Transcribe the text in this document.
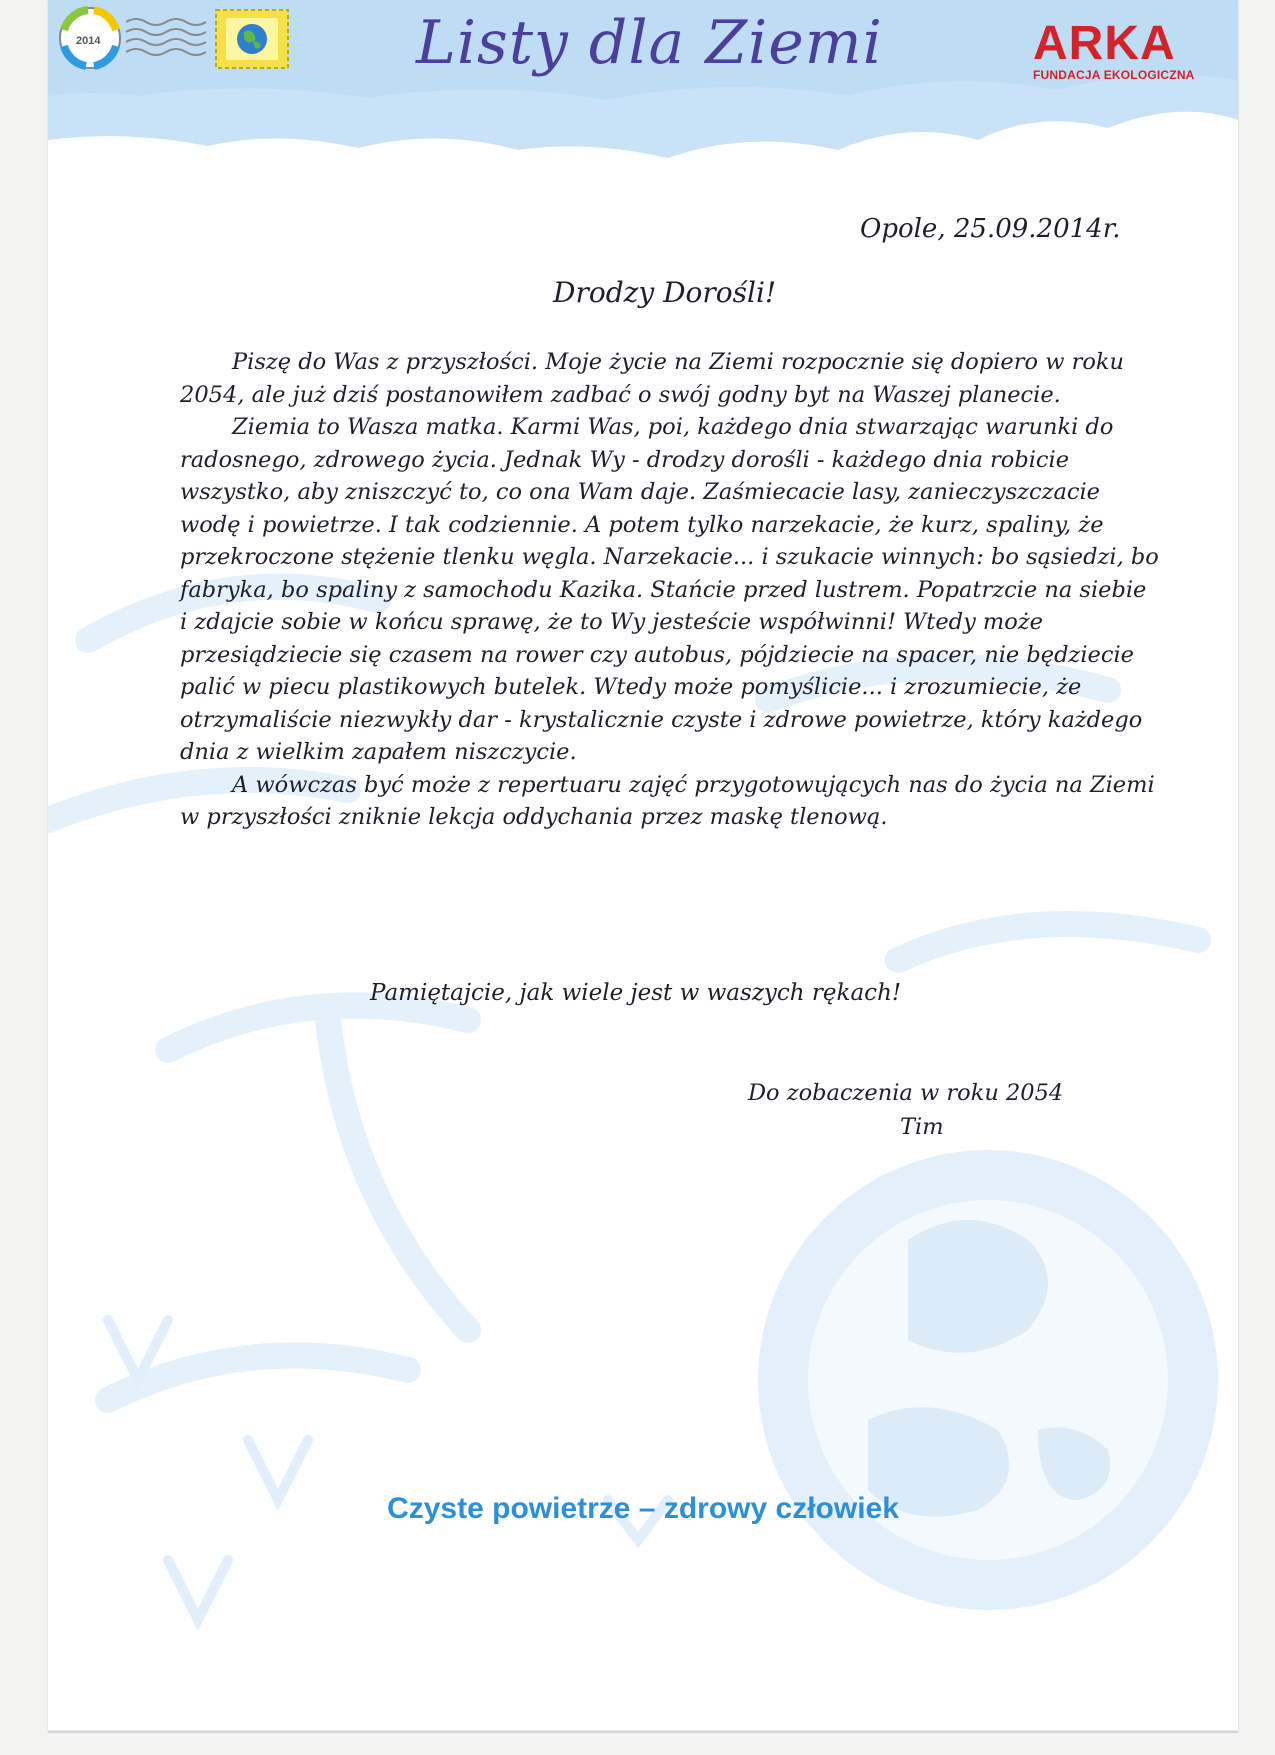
2014	Listy dla Ziemi	ARKA
FUNDACJA EKOLOGICZNA
Opole, 25.09.2014r.
Drodzy Dorośli!

Piszę do Was z przyszłości. Moje życie na Ziemi rozpocznie się dopiero w roku 2054, ale już dziś postanowiłem zadbać o swój godny byt na Waszej planecie.

Ziemia to Wasza matka. Karmi Was, poi, każdego dnia stwarzając warunki do radosnego, zdrowego życia. Jednak Wy - drodzy dorośli - każdego dnia robicie wszystko, aby zniszczyć to, co ona Wam daje. Zaśmiecacie lasy, zanieczyszczacie wodę i powietrze. I tak codziennie. A potem tylko narzekacie, że kurz, spaliny, że przekroczone stężenie tlenku węgla. Narzekacie... i szukacie winnych: bo sąsiedzi, bo fabryka, bo spaliny z samochodu Kazika. Stańcie przed lustrem. Popatrzcie na siebie i zdajcie sobie w końcu sprawę, że to Wy jesteście współwinni! Wtedy może przesiądziecie się czasem na rower czy autobus, pójdziecie na spacer, nie będziecie palić w piecu plastikowych butelek. Wtedy może pomyślicie... i zrozumiecie, że otrzymaliście niezwykły dar - krystalicznie czyste i zdrowe powietrze, który każdego dnia z wielkim zapałem niszczycie.

A wówczas być może z repertuaru zajęć przygotowujących nas do życia na Ziemi w przyszłości zniknie lekcja oddychania przez maskę tlenową.

Pamiętajcie, jak wiele jest w waszych rękach!
Do zobaczenia w roku 2054
Tim
Czyste powietrze – zdrowy człowiek
